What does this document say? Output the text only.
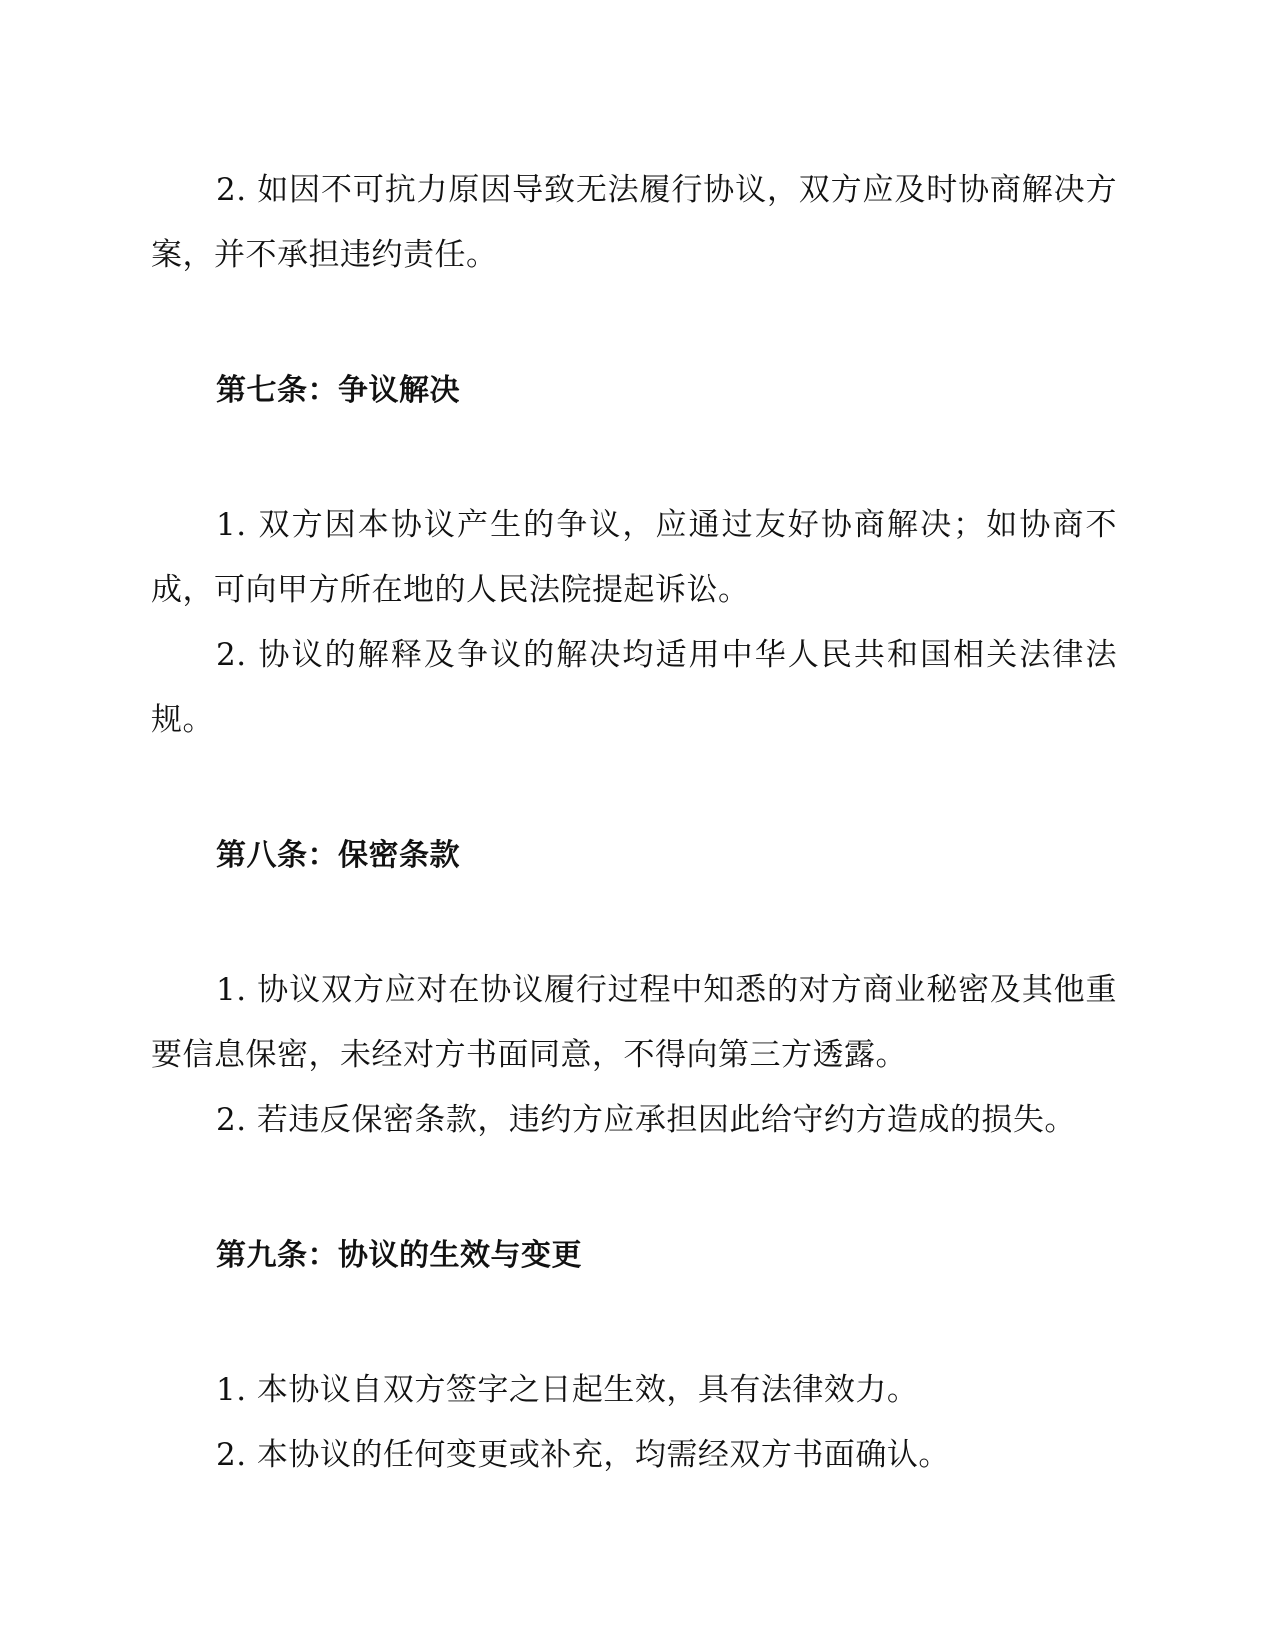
2. 如因不可抗力原因导致无法履行协议，双方应及时协商解决方案，并不承担违约责任。

第七条：争议解决

1. 双方因本协议产生的争议，应通过友好协商解决；如协商不成，可向甲方所在地的人民法院提起诉讼。

2. 协议的解释及争议的解决均适用中华人民共和国相关法律法规。

第八条：保密条款

1. 协议双方应对在协议履行过程中知悉的对方商业秘密及其他重要信息保密，未经对方书面同意，不得向第三方透露。

2. 若违反保密条款，违约方应承担因此给守约方造成的损失。

第九条：协议的生效与变更

1. 本协议自双方签字之日起生效，具有法律效力。

2. 本协议的任何变更或补充，均需经双方书面确认。
